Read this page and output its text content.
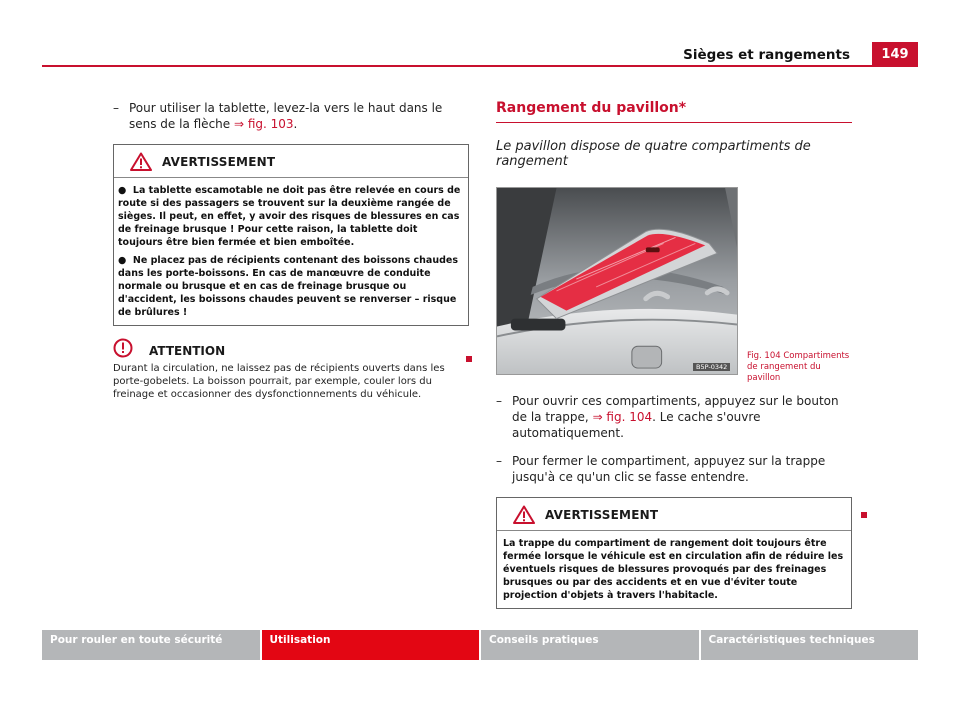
Sièges et rangements	149
– Pour utiliser la tablette, levez-la vers le haut dans le sens de la flèche ⇒ fig. 103.
AVERTISSEMENT

●  La tablette escamotable ne doit pas être relevée en cours de route si des passagers se trouvent sur la deuxième rangée de sièges. Il peut, en effet, y avoir des risques de blessures en cas de freinage brusque ! Pour cette raison, la tablette doit toujours être bien fermée et bien emboîtée.

●  Ne placez pas de récipients contenant des boissons chaudes dans les porte-boissons. En cas de manœuvre de conduite normale ou brusque et en cas de freinage brusque ou d'accident, les boissons chaudes peuvent se renverser – risque de brûlures !

ATTENTION
Durant la circulation, ne laissez pas de récipients ouverts dans les porte-gobelets. La boisson pourrait, par exemple, couler lors du freinage et occasionner des dysfonctionnements du véhicule.
Rangement du pavillon*
Le pavillon dispose de quatre compartiments de rangement
B5P-0342
Fig. 104 Compartiments
de rangement du pavillon
– Pour ouvrir ces compartiments, appuyez sur le bouton de la trappe, ⇒ fig. 104. Le cache s'ouvre automatiquement.
– Pour fermer le compartiment, appuyez sur la trappe jusqu'à ce qu'un clic se fasse entendre.
AVERTISSEMENT

La trappe du compartiment de rangement doit toujours être fermée lorsque le véhicule est en circulation afin de réduire les éventuels risques de blessures provoqués par des freinages brusques ou par des accidents et en vue d'éviter toute projection d'objets à travers l'habitacle.

Pour rouler en toute sécurité	Utilisation	Conseils pratiques	Caractéristiques techniques
